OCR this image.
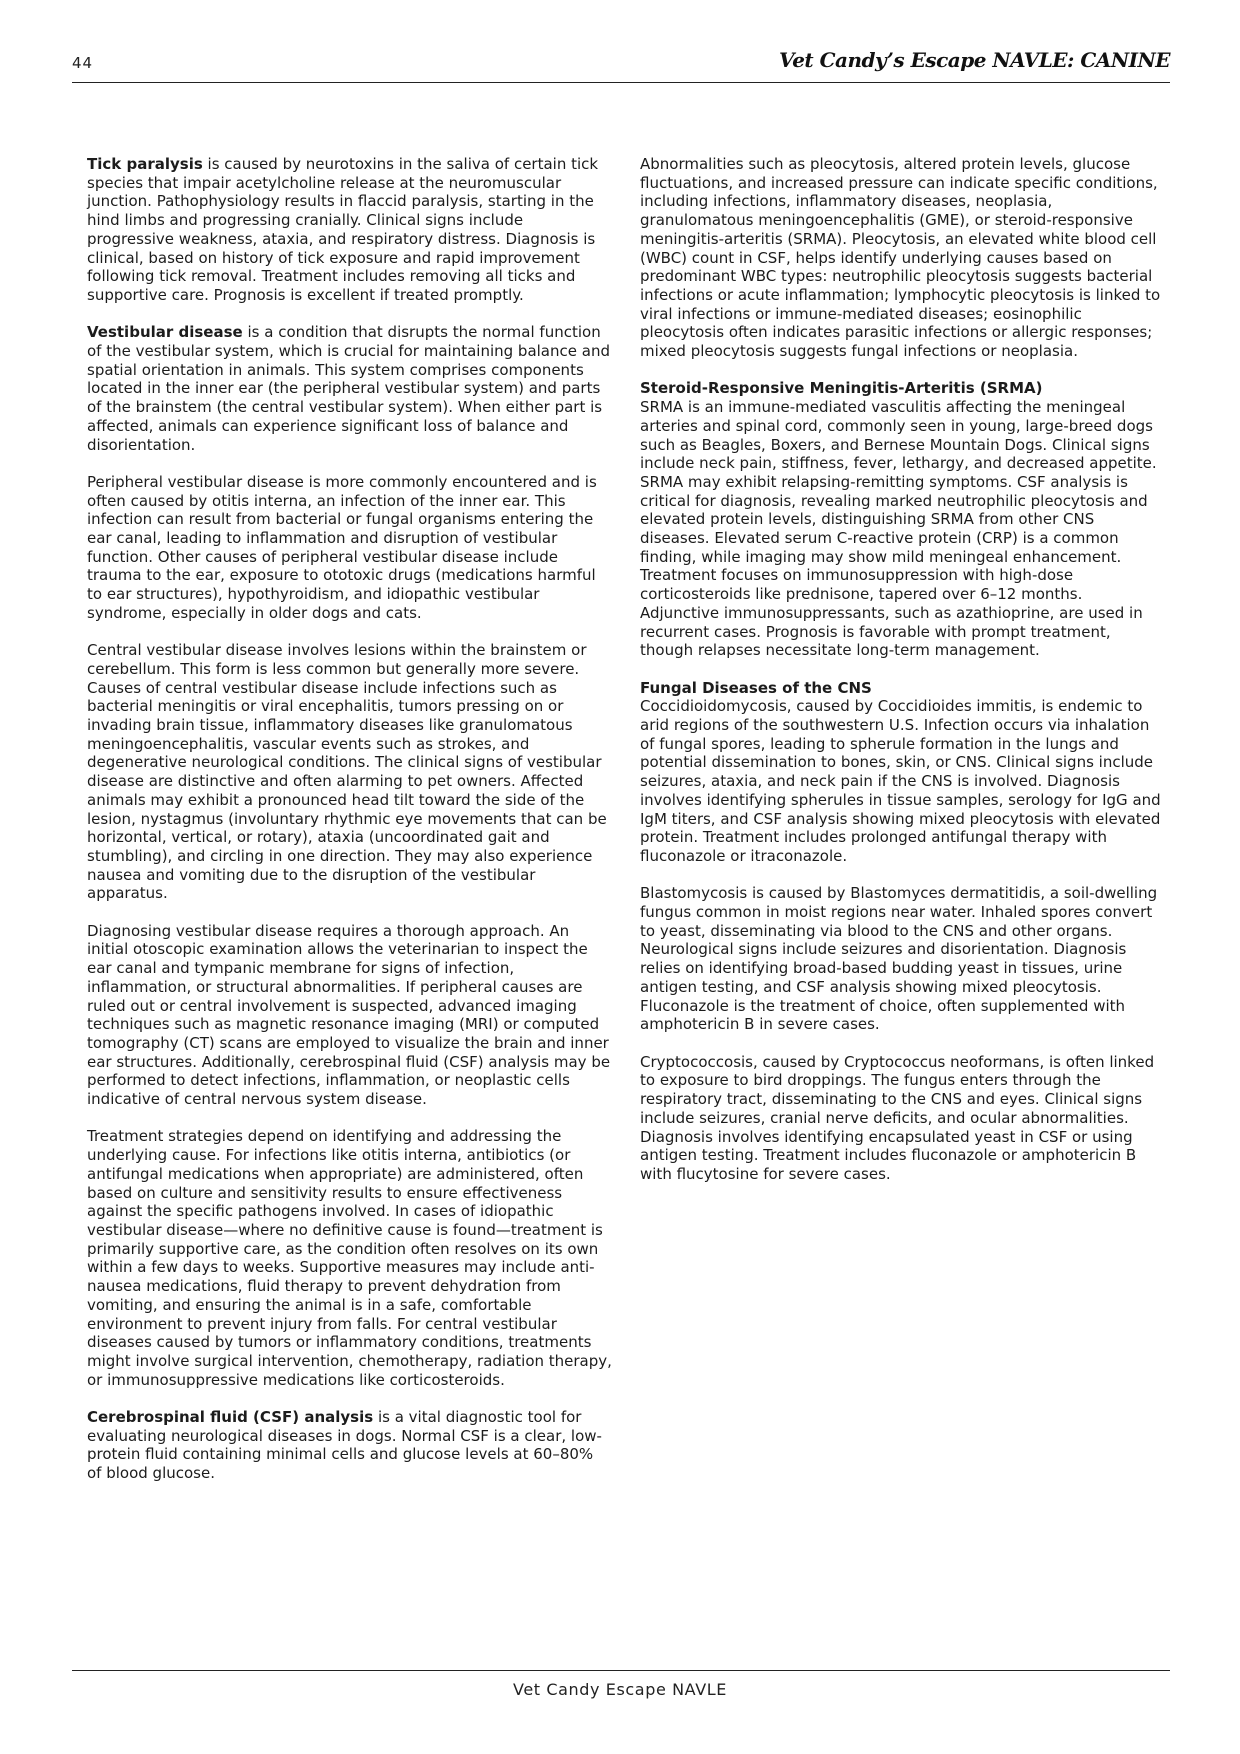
44	Vet Candy’s Escape NAVLE: CANINE

Tick paralysis is caused by neurotoxins in the saliva of certain tick species that impair acetylcholine release at the neuromuscular junction. Pathophysiology results in flaccid paralysis, starting in the hind limbs and progressing cranially. Clinical signs include progressive weakness, ataxia, and respiratory distress. Diagnosis is clinical, based on history of tick exposure and rapid improvement following tick removal. Treatment includes removing all ticks and supportive care. Prognosis is excellent if treated promptly.

Vestibular disease is a condition that disrupts the normal function of the vestibular system, which is crucial for maintaining balance and spatial orientation in animals. This system comprises components located in the inner ear (the peripheral vestibular system) and parts of the brainstem (the central vestibular system). When either part is affected, animals can experience significant loss of balance and disorientation.

Peripheral vestibular disease is more commonly encountered and is often caused by otitis interna, an infection of the inner ear. This infection can result from bacterial or fungal organisms entering the ear canal, leading to inflammation and disruption of vestibular function. Other causes of peripheral vestibular disease include trauma to the ear, exposure to ototoxic drugs (medications harmful to ear structures), hypothyroidism, and idiopathic vestibular syndrome, especially in older dogs and cats.

Central vestibular disease involves lesions within the brainstem or cerebellum. This form is less common but generally more severe. Causes of central vestibular disease include infections such as bacterial meningitis or viral encephalitis, tumors pressing on or invading brain tissue, inflammatory diseases like granulomatous meningoencephalitis, vascular events such as strokes, and degenerative neurological conditions. The clinical signs of vestibular disease are distinctive and often alarming to pet owners. Affected animals may exhibit a pronounced head tilt toward the side of the lesion, nystagmus (involuntary rhythmic eye movements that can be horizontal, vertical, or rotary), ataxia (uncoordinated gait and stumbling), and circling in one direction. They may also experience nausea and vomiting due to the disruption of the vestibular apparatus.

Diagnosing vestibular disease requires a thorough approach. An initial otoscopic examination allows the veterinarian to inspect the ear canal and tympanic membrane for signs of infection, inflammation, or structural abnormalities. If peripheral causes are ruled out or central involvement is suspected, advanced imaging techniques such as magnetic resonance imaging (MRI) or computed tomography (CT) scans are employed to visualize the brain and inner ear structures. Additionally, cerebrospinal fluid (CSF) analysis may be performed to detect infections, inflammation, or neoplastic cells indicative of central nervous system disease.

Treatment strategies depend on identifying and addressing the underlying cause. For infections like otitis interna, antibiotics (or antifungal medications when appropriate) are administered, often based on culture and sensitivity results to ensure effectiveness against the specific pathogens involved. In cases of idiopathic vestibular disease—where no definitive cause is found—treatment is primarily supportive care, as the condition often resolves on its own within a few days to weeks. Supportive measures may include anti-nausea medications, fluid therapy to prevent dehydration from vomiting, and ensuring the animal is in a safe, comfortable environment to prevent injury from falls. For central vestibular diseases caused by tumors or inflammatory conditions, treatments might involve surgical intervention, chemotherapy, radiation therapy, or immunosuppressive medications like corticosteroids.

Cerebrospinal fluid (CSF) analysis is a vital diagnostic tool for evaluating neurological diseases in dogs. Normal CSF is a clear, low-protein fluid containing minimal cells and glucose levels at 60–80% of blood glucose.

Abnormalities such as pleocytosis, altered protein levels, glucose fluctuations, and increased pressure can indicate specific conditions, including infections, inflammatory diseases, neoplasia, granulomatous meningoencephalitis (GME), or steroid-responsive meningitis-arteritis (SRMA). Pleocytosis, an elevated white blood cell (WBC) count in CSF, helps identify underlying causes based on predominant WBC types: neutrophilic pleocytosis suggests bacterial infections or acute inflammation; lymphocytic pleocytosis is linked to viral infections or immune-mediated diseases; eosinophilic pleocytosis often indicates parasitic infections or allergic responses; mixed pleocytosis suggests fungal infections or neoplasia.

Steroid-Responsive Meningitis-Arteritis (SRMA)
SRMA is an immune-mediated vasculitis affecting the meningeal arteries and spinal cord, commonly seen in young, large-breed dogs such as Beagles, Boxers, and Bernese Mountain Dogs. Clinical signs include neck pain, stiffness, fever, lethargy, and decreased appetite. SRMA may exhibit relapsing-remitting symptoms. CSF analysis is critical for diagnosis, revealing marked neutrophilic pleocytosis and elevated protein levels, distinguishing SRMA from other CNS diseases. Elevated serum C-reactive protein (CRP) is a common finding, while imaging may show mild meningeal enhancement. Treatment focuses on immunosuppression with high-dose corticosteroids like prednisone, tapered over 6–12 months. Adjunctive immunosuppressants, such as azathioprine, are used in recurrent cases. Prognosis is favorable with prompt treatment, though relapses necessitate long-term management.

Fungal Diseases of the CNS
Coccidioidomycosis, caused by Coccidioides immitis, is endemic to arid regions of the southwestern U.S. Infection occurs via inhalation of fungal spores, leading to spherule formation in the lungs and potential dissemination to bones, skin, or CNS. Clinical signs include seizures, ataxia, and neck pain if the CNS is involved. Diagnosis involves identifying spherules in tissue samples, serology for IgG and IgM titers, and CSF analysis showing mixed pleocytosis with elevated protein. Treatment includes prolonged antifungal therapy with fluconazole or itraconazole.

Blastomycosis is caused by Blastomyces dermatitidis, a soil-dwelling fungus common in moist regions near water. Inhaled spores convert to yeast, disseminating via blood to the CNS and other organs. Neurological signs include seizures and disorientation. Diagnosis relies on identifying broad-based budding yeast in tissues, urine antigen testing, and CSF analysis showing mixed pleocytosis. Fluconazole is the treatment of choice, often supplemented with amphotericin B in severe cases.

Cryptococcosis, caused by Cryptococcus neoformans, is often linked to exposure to bird droppings. The fungus enters through the respiratory tract, disseminating to the CNS and eyes. Clinical signs include seizures, cranial nerve deficits, and ocular abnormalities. Diagnosis involves identifying encapsulated yeast in CSF or using antigen testing. Treatment includes fluconazole or amphotericin B with flucytosine for severe cases.

Vet Candy Escape NAVLE
